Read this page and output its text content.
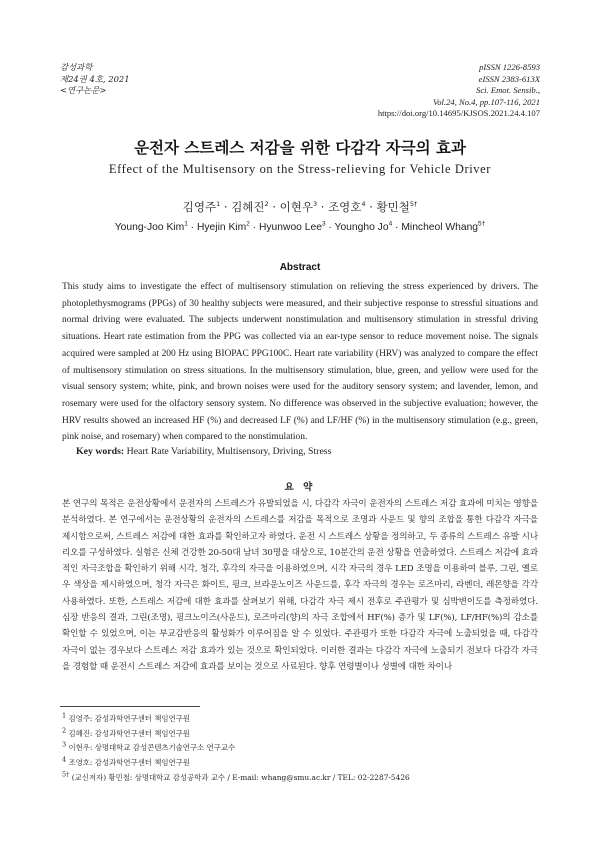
감성과학
제24권 4호, 2021
<연구논문>
pISSN 1226-8593
eISSN 2383-613X
Sci. Emot. Sensib.,
Vol.24, No.4, pp.107-116, 2021
https://doi.org/10.14695/KJSOS.2021.24.4.107
운전자 스트레스 저감을 위한 다감각 자극의 효과
Effect of the Multisensory on the Stress-relieving for Vehicle Driver
김영주$^1$ · 김혜진$^2$ · 이현우$^3$ · 조영호$^4$ · 황민철$^{5\dagger}$
Young-Joo Kim$^1$ · Hyejin Kim$^2$ · Hyunwoo Lee$^3$ · Youngho $Jo^4$ · Mincheol Whang$^{5\dagger}$
Abstract
This study aims to investigate the effect of multisensory stimulation on relieving the stress experienced by drivers. The photoplethysmograms (PPGs) of 30 healthy subjects were measured, and their subjective response to stressful situations and normal driving were evaluated. The subjects underwent nonstimulation and multisensory stimulation in stressful driving situations. Heart rate estimation from the PPG was collected via an ear-type sensor to reduce movement noise. The signals acquired were sampled at 200 Hz using BIOPAC PPG100C. Heart rate variability (HRV) was analyzed to compare the effect of multisensory stimulation on stress situations. In the multisensory stimulation, blue, green, and yellow were used for the visual sensory system; white, pink, and brown noises were used for the auditory sensory system; and lavender, lemon, and rosemary were used for the olfactory sensory system. No difference was observed in the subjective evaluation; however, the HRV results showed an increased HF (%) and decreased LF (%) and LF/HF (%) in the multisensory stimulation (e.g., green, pink noise, and rosemary) when compared to the nonstimulation.
Key words: Heart Rate Variability, Multisensory, Driving, Stress
요 약
본 연구의 목적은 운전상황에서 운전자의 스트레스가 유발되었을 시, 다감각 자극이 운전자의 스트레스 저감 효과에 미치는 영향을 분석하였다. 본 연구에서는 운전상황의 운전자의 스트레스를 저감을 목적으로 조명과 사운드 및 향의 조합을 통한 다감각 자극을 제시함으로써, 스트레스 저감에 대한 효과를 확인하고자 하였다. 운전 시 스트레스 상황을 정의하고, 두 종류의 스트레스 유발 시나리오를 구성하였다. 실험은 신체 건강한 20-50대 남녀 30명을 대상으로, 10분간의 운전 상황을 연출하였다. 스트레스 저감에 효과적인 자극조합을 확인하기 위해 시각, 청각, 후각의 자극을 이용하였으며, 시각 자극의 경우 LED 조명을 이용하여 블루, 그린, 옐로우 색상을 제시하였으며, 청각 자극은 화이트, 핑크, 브라운노이즈 사운드를, 후각 자극의 경우는 로즈마리, 라벤더, 레몬향을 각각 사용하였다. 또한, 스트레스 저감에 대한 효과를 살펴보기 위해, 다감각 자극 제시 전후로 주관평가 및 심박변이도를 측정하였다. 심장 반응의 결과, 그린(조명), 핑크노이즈(사운드), 로즈마리(향)의 자극 조합에서 HF(%) 증가 및 LF(%), LF/HF(%)의 감소를 확인할 수 있었으며, 이는 부교감반응의 활성화가 이루어짐을 알 수 있었다. 주관평가 또한 다감각 자극에 노출되었을 때, 다감각 자극이 없는 경우보다 스트레스 저감 효과가 있는 것으로 확인되었다. 이러한 결과는 다감각 자극에 노출되기 전보다 다감각 자극을 경험할 때 운전시 스트레스 저감에 효과를 보이는 것으로 사료된다. 향후 연령별이나 성별에 대한 차이나
$^1$ 김영주: 감성과학연구센터 책임연구원
$^2$ 김혜진: 감성과학연구센터 책임연구원
$^3$ 이현우: 상명대학교 감성콘텐츠기술연구소 연구교수
$^4$ 조영호: 감성과학연구센터 책임연구원
$^{5\dagger}$ (교신저자) 황민철: 상명대학교 감성공학과 교수 / E-mail: whang@smu.ac.kr / TEL: 02-2287-5426
